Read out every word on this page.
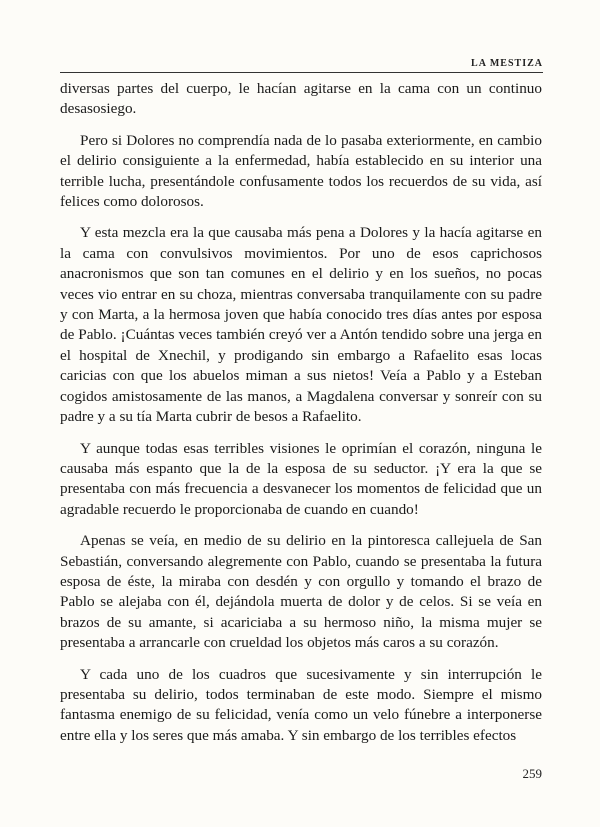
LA MESTIZA

diversas partes del cuerpo, le hacían agitarse en la cama con un continuo desasosiego.

Pero si Dolores no comprendía nada de lo pasaba exteriormente, en cambio el delirio consiguiente a la enfermedad, había establecido en su interior una terrible lucha, presentándole confusamente todos los recuerdos de su vida, así felices como dolorosos.

Y esta mezcla era la que causaba más pena a Dolores y la hacía agitarse en la cama con convulsivos movimientos. Por uno de esos caprichosos anacronismos que son tan comunes en el delirio y en los sueños, no pocas veces vio entrar en su choza, mientras conversaba tranquilamente con su padre y con Marta, a la hermosa joven que había conocido tres días antes por esposa de Pablo. ¡Cuántas veces también creyó ver a Antón tendido sobre una jerga en el hospital de Xnechil, y prodigando sin embargo a Rafaelito esas locas caricias con que los abuelos miman a sus nietos! Veía a Pablo y a Esteban cogidos amistosamente de las manos, a Magdalena conversar y sonreír con su padre y a su tía Marta cubrir de besos a Rafaelito.

Y aunque todas esas terribles visiones le oprimían el corazón, ninguna le causaba más espanto que la de la esposa de su seductor. ¡Y era la que se presentaba con más frecuencia a desvanecer los momentos de felicidad que un agradable recuerdo le proporcionaba de cuando en cuando!

Apenas se veía, en medio de su delirio en la pintoresca callejuela de San Sebastián, conversando alegremente con Pablo, cuando se presentaba la futura esposa de éste, la miraba con desdén y con orgullo y tomando el brazo de Pablo se alejaba con él, dejándola muerta de dolor y de celos. Si se veía en brazos de su amante, si acariciaba a su hermoso niño, la misma mujer se presentaba a arrancarle con crueldad los objetos más caros a su corazón.

Y cada uno de los cuadros que sucesivamente y sin interrupción le presentaba su delirio, todos terminaban de este modo. Siempre el mismo fantasma enemigo de su felicidad, venía como un velo fúnebre a interponerse entre ella y los seres que más amaba. Y sin embargo de los terribles efectos

259
